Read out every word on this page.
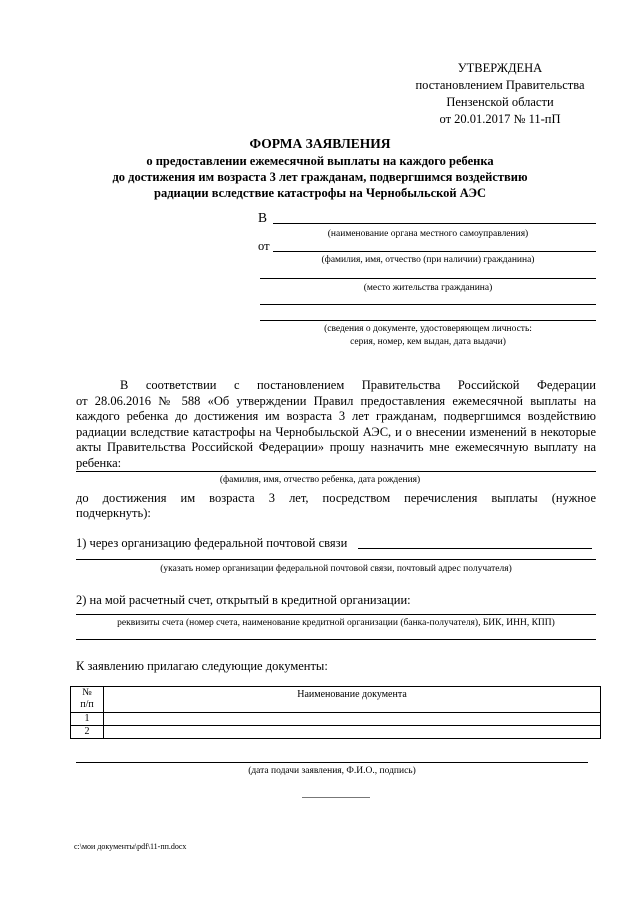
УТВЕРЖДЕНА
постановлением Правительства
Пензенской области
от 20.01.2017 № 11-пП
ФОРМА ЗАЯВЛЕНИЯ
о предоставлении ежемесячной выплаты на каждого ребенка
до достижения им возраста 3 лет гражданам, подвергшимся воздействию
радиации вследствие катастрофы на Чернобыльской АЭС
В
(наименование органа местного самоуправления)
от
(фамилия, имя, отчество (при наличии) гражданина)
(место жительства гражданина)
(сведения о документе, удостоверяющем личность:
серия, номер, кем выдан, дата выдачи)
В соответствии с постановлением Правительства Российской Федерации
от 28.06.2016 № 588 «Об утверждении Правил предоставления ежемесячной выплаты на каждого ребенка до достижения им возраста 3 лет гражданам, подвергшимся воздействию радиации вследствие катастрофы на Чернобыльской АЭС, и о внесении изменений в некоторые акты Правительства Российской Федерации» прошу назначить мне ежемесячную выплату на ребенка:
(фамилия, имя, отчество ребенка, дата рождения)
до достижения им возраста 3 лет, посредством перечисления выплаты (нужное
подчеркнуть):
1) через организацию федеральной почтовой связи
(указать номер организации федеральной почтовой связи, почтовый адрес получателя)
2) на мой расчетный счет, открытый в кредитной организации:
реквизиты счета (номер счета, наименование кредитной организации (банка-получателя), БИК, ИНН, КПП)
К заявлению прилагаю следующие документы:
№
п/п	Наименование документа
1	
2	
(дата подачи заявления, Ф.И.О., подпись)
c:\мои документы\pdf\11-пп.docx
